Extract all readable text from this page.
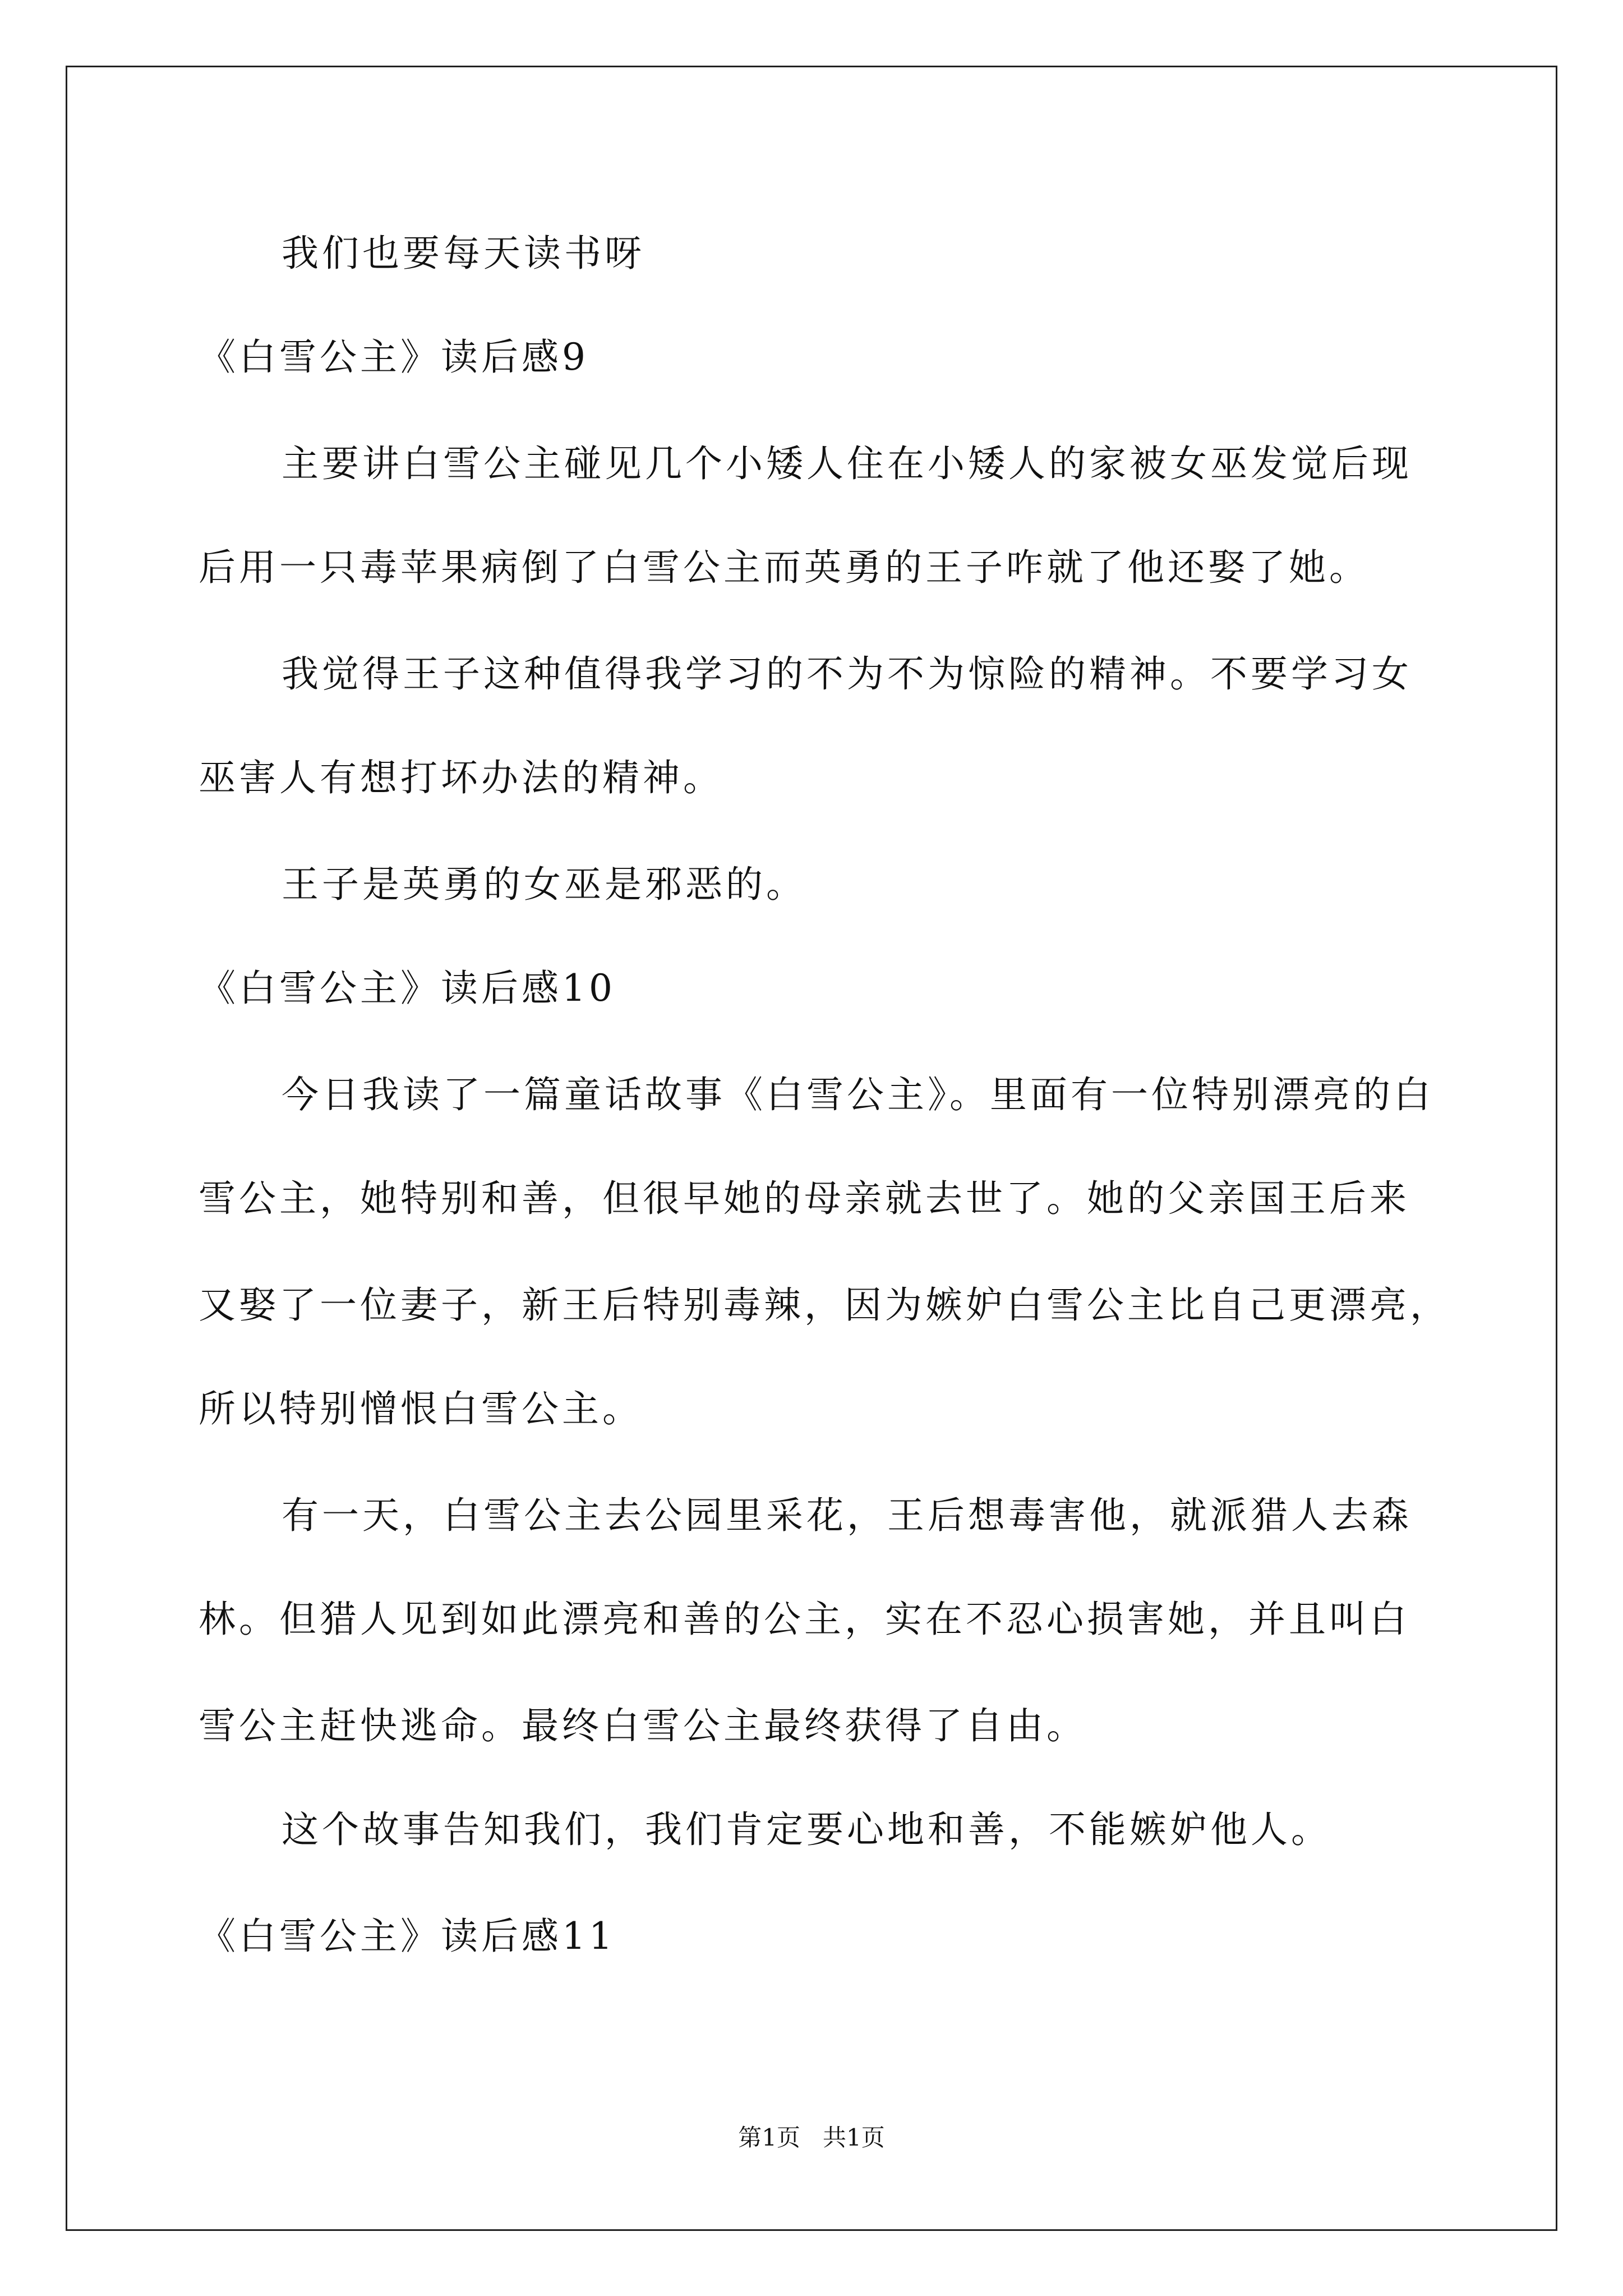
我们也要每天读书呀
《白雪公主》读后感9
主要讲白雪公主碰见几个小矮人住在小矮人的家被女巫发觉后现
后用一只毒苹果病倒了白雪公主而英勇的王子咋就了他还娶了她。
我觉得王子这种值得我学习的不为不为惊险的精神。不要学习女
巫害人有想打坏办法的精神。
王子是英勇的女巫是邪恶的。
《白雪公主》读后感10
今日我读了一篇童话故事《白雪公主》。里面有一位特别漂亮的白
雪公主，她特别和善，但很早她的母亲就去世了。她的父亲国王后来
又娶了一位妻子，新王后特别毒辣，因为嫉妒白雪公主比自己更漂亮，
所以特别憎恨白雪公主。
有一天，白雪公主去公园里采花，王后想毒害他，就派猎人去森
林。但猎人见到如此漂亮和善的公主，实在不忍心损害她，并且叫白
雪公主赶快逃命。最终白雪公主最终获得了自由。
这个故事告知我们，我们肯定要心地和善，不能嫉妒他人。
《白雪公主》读后感11
第1页   共1页
